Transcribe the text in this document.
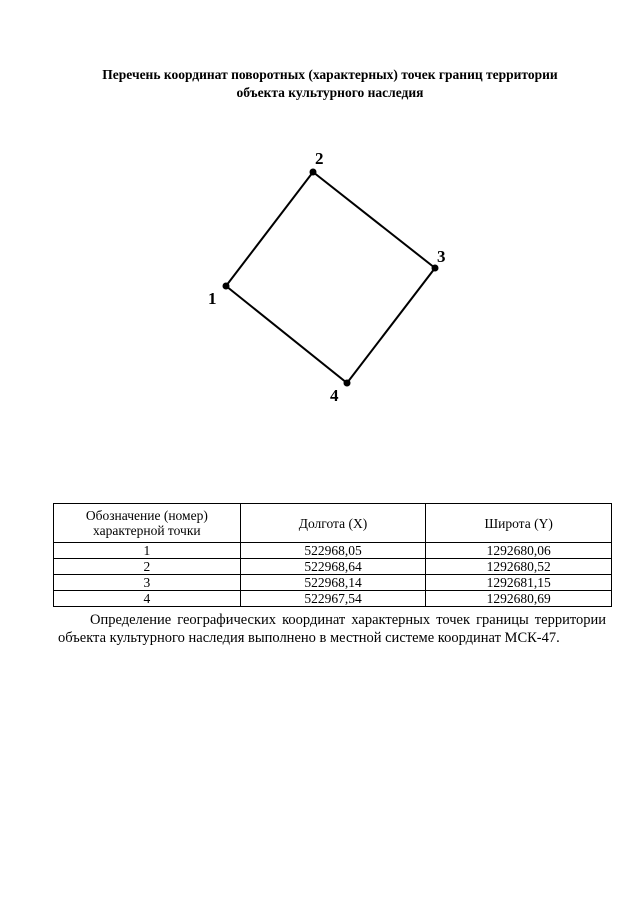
Перечень координат поворотных (характерных) точек границ территории
объекта культурного наследия
1
2
3
4
Обозначение (номер) характерной точки	Долгота (X)	Широта (Y)
1	522968,05	1292680,06
2	522968,64	1292680,52
3	522968,14	1292681,15
4	522967,54	1292680,69

Определение географических координат характерных точек границы территории объекта культурного наследия выполнено в местной системе координат МСК-47.
